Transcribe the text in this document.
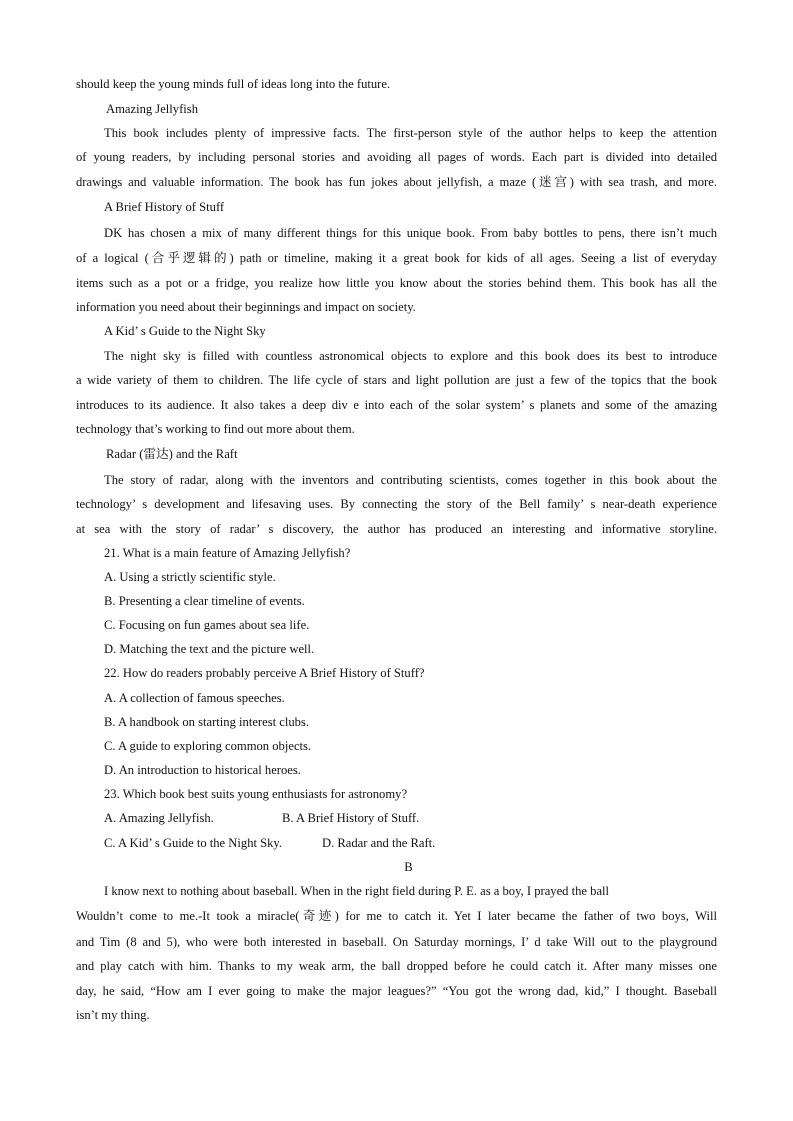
should keep the young minds full of ideas long into the future.
Amazing Jellyfish
This book includes plenty of impressive facts. The first-person style of the author helps to keep the attention
of young readers, by including personal stories and avoiding all pages of words. Each part is divided into detailed
drawings and valuable information. The book has fun jokes about jellyfish, a maze (迷宫) with sea trash, and more.
A Brief History of Stuff
DK has chosen a mix of many different things for this unique book. From baby bottles to pens, there isn’t much
of a logical (合乎逻辑的) path or timeline, making it a great book for kids of all ages. Seeing a list of everyday
items such as a pot or a fridge, you realize how little you know about the stories behind them. This book has all the
information you need about their beginnings and impact on society.
A Kid’ s Guide to the Night Sky
The night sky is filled with countless astronomical objects to explore and this book does its best to introduce
a wide variety of them to children. The life cycle of stars and light pollution are just a few of the topics that the book
introduces to its audience. It also takes a deep div e into each of the solar system’ s planets and some of the amazing
technology that’s working to find out more about them.
Radar (雷达) and the Raft
The story of radar, along with the inventors and contributing scientists, comes together in this book about the
technology’ s development and lifesaving uses. By connecting the story of the Bell family’ s near-death experience
at sea with the story of radar’ s discovery, the author has produced an interesting and informative storyline.
21. What is a main feature of Amazing Jellyfish?
A. Using a strictly scientific style.
B. Presenting a clear timeline of events.
C. Focusing on fun games about sea life.
D. Matching the text and the picture well.
22. How do readers probably perceive A Brief History of Stuff?
A. A collection of famous speeches.
B. A handbook on starting interest clubs.
C. A guide to exploring common objects.
D. An introduction to historical heroes.
23. Which book best suits young enthusiasts for astronomy?
A. Amazing Jellyfish.	B. A Brief History of Stuff.
C. A Kid’ s Guide to the Night Sky.	D. Radar and the Raft.
B
I know next to nothing about baseball. When in the right field during P. E. as a boy, I prayed the ball
Wouldn’t come to me.-It took a miracle(奇迹) for me to catch it. Yet I later became the father of two boys, Will
and Tim (8 and 5), who were both interested in baseball. On Saturday mornings, I’ d take Will out to the playground
and play catch with him. Thanks to my weak arm, the ball dropped before he could catch it. After many misses one
day, he said, “How am I ever going to make the major leagues?” “You got the wrong dad, kid,” I thought. Baseball
isn’t my thing.
